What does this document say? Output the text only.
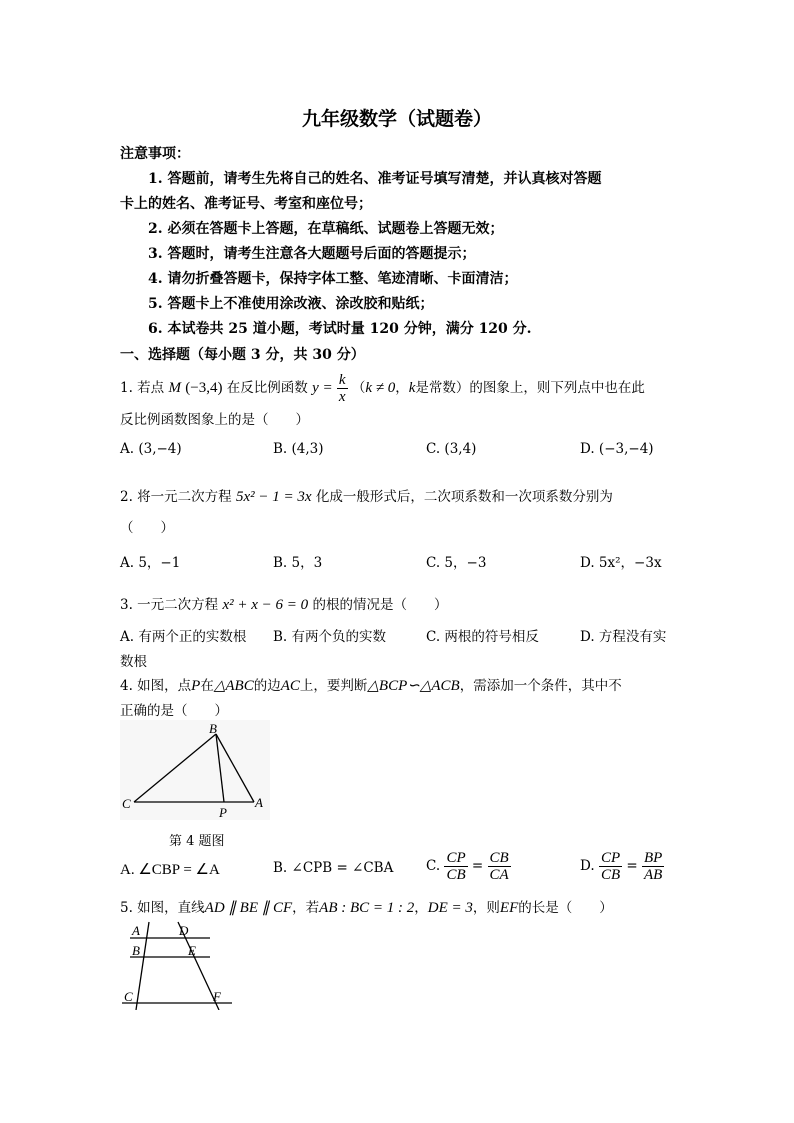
九年级数学（试题卷）
注意事项：
1. 答题前，请考生先将自己的姓名、准考证号填写清楚，并认真核对答题
卡上的姓名、准考证号、考室和座位号；
2. 必须在答题卡上答题，在草稿纸、试题卷上答题无效；
3. 答题时，请考生注意各大题题号后面的答题提示；
4. 请勿折叠答题卡，保持字体工整、笔迹清晰、卡面清洁；
5. 答题卡上不准使用涂改液、涂改胶和贴纸；
6. 本试卷共 25 道小题，考试时量 120 分钟，满分 120 分.
一、选择题（每小题 3 分，共 30 分）
1. 若点 M (−3,4) 在反比例函数 $y = \frac{k}{x} (k \ne 0$，k是常数）的图象上，则下列点中也在此
反比例函数图象上的是（　　）
A. (3,−4)	B. (4,3)	C. (3,4)	D. (−3,−4)
2. 将一元二次方程 5x² − 1 = 3x 化成一般形式后，二次项系数和一次项系数分别为
（　　）
A. 5，−1	B. 5，3	C. 5，−3	D. 5x²，−3x
3. 一元二次方程 x² + x − 6 = 0 的根的情况是（　　）
A. 有两个正的实数根 B. 有两个负的实数	C. 两根的符号相反	D. 方程没有实
数根
4. 如图，点P在△ABC的边AC上，要判断△BCP∽△ACB，需添加一个条件，其中不
正确的是（　　）
B
C
P
A
第 4 题图
A. ∠CBP = ∠A	B. ∠CPB = ∠CBA C. $\frac{CP}{CB} = \frac{CB}{CA}$	D. $\frac{CP}{CB} = \frac{BP}{AB}$
5. 如图，直线AD ∥ BE ∥ CF，若AB : BC = 1 : 2，DE = 3，则EF的长是（　　）
A	D
B	E
C	F
